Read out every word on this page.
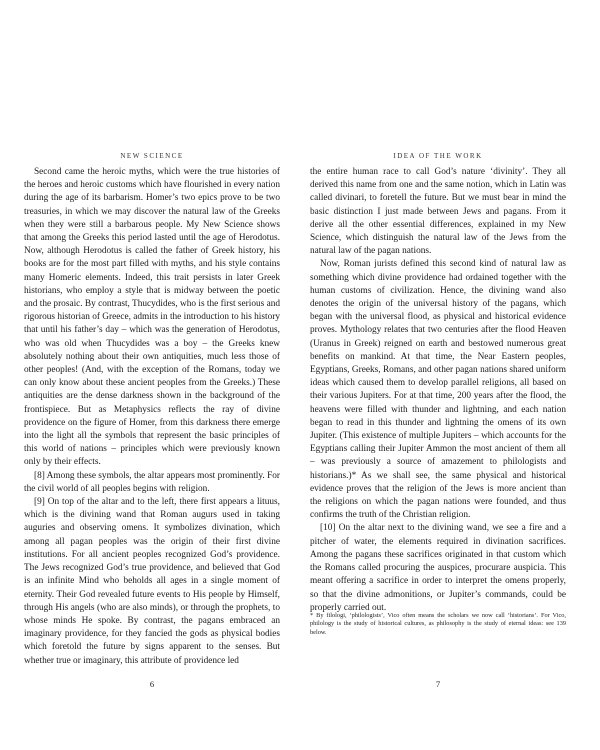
NEW SCIENCE

Second came the heroic myths, which were the true histories of the heroes and heroic customs which have flourished in every nation during the age of its barbarism. Homer’s two epics prove to be two treasuries, in which we may discover the natural law of the Greeks when they were still a barbarous people. My New Science shows that among the Greeks this period lasted until the age of Herodotus. Now, although Herodotus is called the father of Greek history, his books are for the most part filled with myths, and his style contains many Homeric elements. Indeed, this trait persists in later Greek historians, who employ a style that is midway between the poetic and the prosaic. By contrast, Thucydides, who is the first serious and rigorous historian of Greece, admits in the introduction to his history that until his father’s day – which was the generation of Herodotus, who was old when Thucydides was a boy – the Greeks knew absolutely nothing about their own antiquities, much less those of other peoples! (And, with the exception of the Romans, today we can only know about these ancient peoples from the Greeks.) These antiquities are the dense darkness shown in the background of the frontispiece. But as Metaphysics reflects the ray of divine providence on the figure of Homer, from this darkness there emerge into the light all the symbols that represent the basic principles of this world of nations – principles which were previously known only by their effects.

[8] Among these symbols, the altar appears most prominently. For the civil world of all peoples begins with religion.

[9] On top of the altar and to the left, there first appears a lituus, which is the divining wand that Roman augurs used in taking auguries and observing omens. It symbolizes divination, which among all pagan peoples was the origin of their first divine institutions. For all ancient peoples recognized God’s providence. The Jews recognized God’s true providence, and believed that God is an infinite Mind who beholds all ages in a single moment of eternity. Their God revealed future events to His people by Himself, through His angels (who are also minds), or through the prophets, to whose minds He spoke. By contrast, the pagans embraced an imaginary providence, for they fancied the gods as physical bodies which foretold the future by signs apparent to the senses. But whether true or imaginary, this attribute of providence led

6
IDEA OF THE WORK

the entire human race to call God’s nature ‘divinity’. They all derived this name from one and the same notion, which in Latin was called divinari, to foretell the future. But we must bear in mind the basic distinction I just made between Jews and pagans. From it derive all the other essential differences, explained in my New Science, which distinguish the natural law of the Jews from the natural law of the pagan nations.

Now, Roman jurists defined this second kind of natural law as something which divine providence had ordained together with the human customs of civilization. Hence, the divining wand also denotes the origin of the universal history of the pagans, which began with the universal flood, as physical and historical evidence proves. Mythology relates that two centuries after the flood Heaven (Uranus in Greek) reigned on earth and bestowed numerous great benefits on mankind. At that time, the Near Eastern peoples, Egyptians, Greeks, Romans, and other pagan nations shared uniform ideas which caused them to develop parallel religions, all based on their various Jupiters. For at that time, 200 years after the flood, the heavens were filled with thunder and lightning, and each nation began to read in this thunder and lightning the omens of its own Jupiter. (This existence of multiple Jupiters – which accounts for the Egyptians calling their Jupiter Ammon the most ancient of them all – was previously a source of amazement to philologists and historians.)* As we shall see, the same physical and historical evidence proves that the religion of the Jews is more ancient than the religions on which the pagan nations were founded, and thus confirms the truth of the Christian religion.

[10] On the altar next to the divining wand, we see a fire and a pitcher of water, the elements required in divination sacrifices. Among the pagans these sacrifices originated in that custom which the Romans called procuring the auspices, procurare auspicia. This meant offering a sacrifice in order to interpret the omens properly, so that the divine admonitions, or Jupiter’s commands, could be properly carried out.

* By filologi, ‘philologists’, Vico often means the scholars we now call ‘historians’. For Vico, philology is the study of historical cultures, as philosophy is the study of eternal ideas: see 139 below.
7
